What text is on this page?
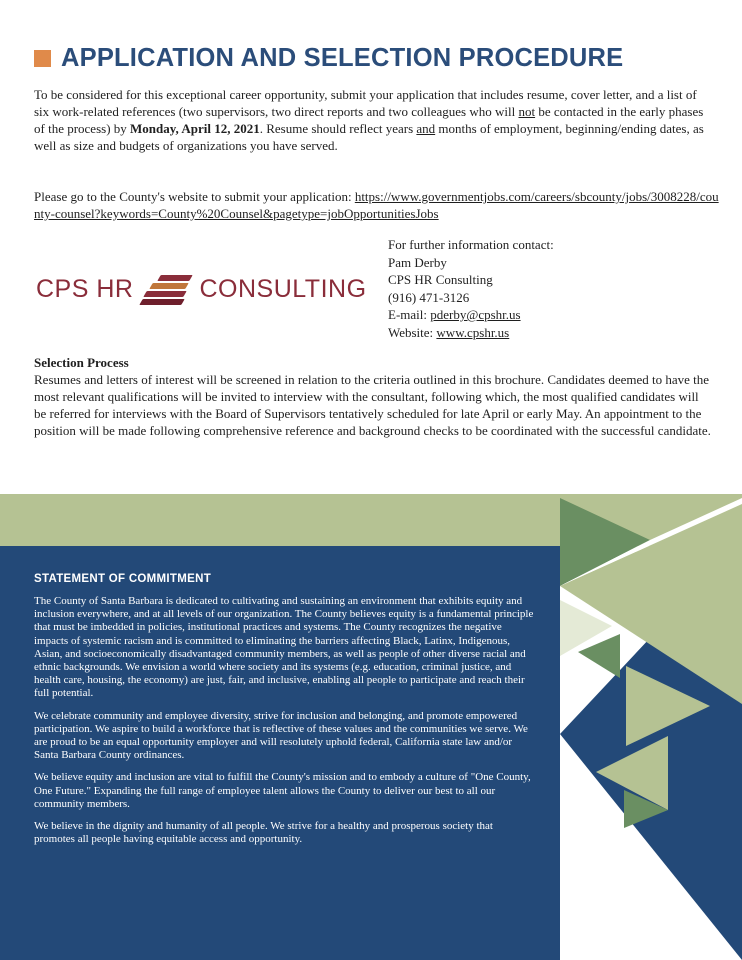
APPLICATION AND SELECTION PROCEDURE

To be considered for this exceptional career opportunity, submit your application that includes resume, cover letter, and a list of six work-related references (two supervisors, two direct reports and two colleagues who will not be contacted in the early phases of the process) by Monday, April 12, 2021. Resume should reflect years and months of employment, beginning/ending dates, as well as size and budgets of organizations you have served.

Please go to the County's website to submit your application: https://www.governmentjobs.com/careers/sbcounty/jobs/3008228/county-counsel?keywords=County%20Counsel&pagetype=jobOpportunitiesJobs

CPS HR	CONSULTING
For further information contact:
Pam Derby
CPS HR Consulting
(916) 471-3126
E-mail: pderby@cpshr.us
Website: www.cpshr.us
Selection Process

Resumes and letters of interest will be screened in relation to the criteria outlined in this brochure. Candidates deemed to have the most relevant qualifications will be invited to interview with the consultant, following which, the most qualified candidates will be referred for interviews with the Board of Supervisors tentatively scheduled for late April or early May. An appointment to the position will be made following comprehensive reference and background checks to be coordinated with the successful candidate.

STATEMENT OF COMMITMENT

The County of Santa Barbara is dedicated to cultivating and sustaining an environment that exhibits equity and inclusion everywhere, and at all levels of our organization. The County believes equity is a fundamental principle that must be imbedded in policies, institutional practices and systems. The County recognizes the negative impacts of systemic racism and is committed to eliminating the barriers affecting Black, Latinx, Indigenous, Asian, and socioeconomically disadvantaged community members, as well as people of other diverse racial and ethnic backgrounds. We envision a world where society and its systems (e.g. education, criminal justice, and health care, housing, the economy) are just, fair, and inclusive, enabling all people to participate and reach their full potential.

We celebrate community and employee diversity, strive for inclusion and belonging, and promote empowered participation. We aspire to build a workforce that is reflective of these values and the communities we serve. We are proud to be an equal opportunity employer and will resolutely uphold federal, California state law and/or Santa Barbara County ordinances.

We believe equity and inclusion are vital to fulfill the County's mission and to embody a culture of "One County, One Future." Expanding the full range of employee talent allows the County to deliver our best to all our community members.

We believe in the dignity and humanity of all people. We strive for a healthy and prosperous society that promotes all people having equitable access and opportunity.
